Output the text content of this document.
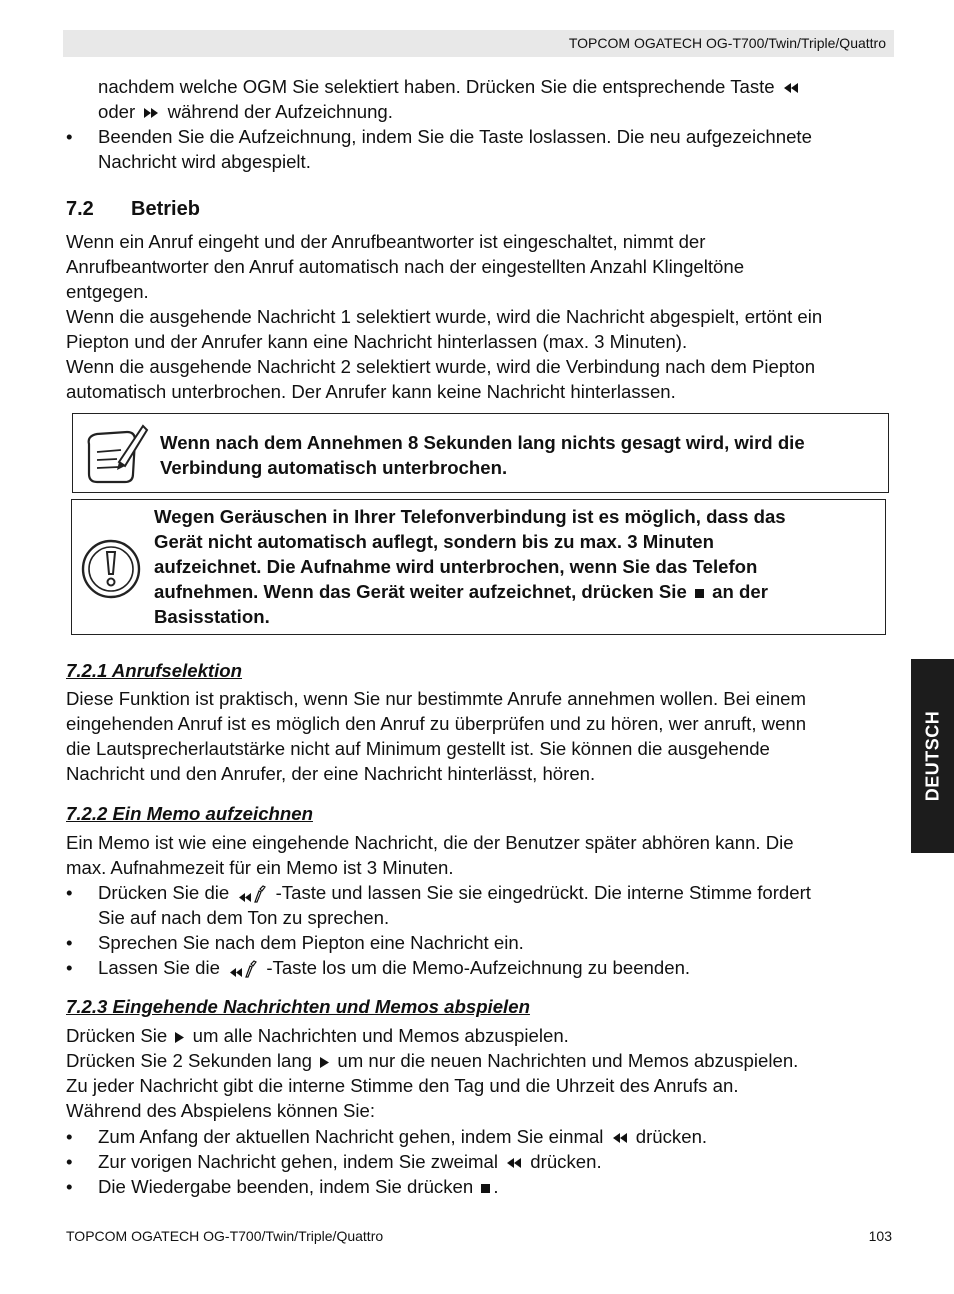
TOPCOM OGATECH OG-T700/Twin/Triple/Quattro
nachdem welche OGM Sie selektiert haben. Drücken Sie die entsprechende Taste
oder während der Aufzeichnung.
• Beenden Sie die Aufzeichnung, indem Sie die Taste loslassen. Die neu aufgezeichnete
Nachricht wird abgespielt.
7.2 Betrieb
Wenn ein Anruf eingeht und der Anrufbeantworter ist eingeschaltet, nimmt der
Anrufbeantworter den Anruf automatisch nach der eingestellten Anzahl Klingeltöne
entgegen.
Wenn die ausgehende Nachricht 1 selektiert wurde, wird die Nachricht abgespielt, ertönt ein
Piepton und der Anrufer kann eine Nachricht hinterlassen (max. 3 Minuten).
Wenn die ausgehende Nachricht 2 selektiert wurde, wird die Verbindung nach dem Piepton
automatisch unterbrochen. Der Anrufer kann keine Nachricht hinterlassen.
Wenn nach dem Annehmen 8 Sekunden lang nichts gesagt wird, wird die
Verbindung automatisch unterbrochen.
Wegen Geräuschen in Ihrer Telefonverbindung ist es möglich, dass das
Gerät nicht automatisch auflegt, sondern bis zu max. 3 Minuten
aufzeichnet. Die Aufnahme wird unterbrochen, wenn Sie das Telefon
aufnehmen. Wenn das Gerät weiter aufzeichnet, drücken Sie an der
Basisstation.
7.2.1 Anrufselektion
Diese Funktion ist praktisch, wenn Sie nur bestimmte Anrufe annehmen wollen. Bei einem
eingehenden Anruf ist es möglich den Anruf zu überprüfen und zu hören, wer anruft, wenn
die Lautsprecherlautstärke nicht auf Minimum gestellt ist. Sie können die ausgehende
Nachricht und den Anrufer, der eine Nachricht hinterlässt, hören.
7.2.2 Ein Memo aufzeichnen
Ein Memo ist wie eine eingehende Nachricht, die der Benutzer später abhören kann. Die
max. Aufnahmezeit für ein Memo ist 3 Minuten.
• Drücken Sie die -Taste und lassen Sie sie eingedrückt. Die interne Stimme fordert
Sie auf nach dem Ton zu sprechen.
• Sprechen Sie nach dem Piepton eine Nachricht ein.
• Lassen Sie die -Taste los um die Memo-Aufzeichnung zu beenden.
7.2.3 Eingehende Nachrichten und Memos abspielen
Drücken Sie um alle Nachrichten und Memos abzuspielen.
Drücken Sie 2 Sekunden lang um nur die neuen Nachrichten und Memos abzuspielen.
Zu jeder Nachricht gibt die interne Stimme den Tag und die Uhrzeit des Anrufs an.
Während des Abspielens können Sie:
• Zum Anfang der aktuellen Nachricht gehen, indem Sie einmal drücken.
• Zur vorigen Nachricht gehen, indem Sie zweimal drücken.
• Die Wiedergabe beenden, indem Sie drücken .
DEUTSCH
TOPCOM OGATECH OG-T700/Twin/Triple/Quattro	103
